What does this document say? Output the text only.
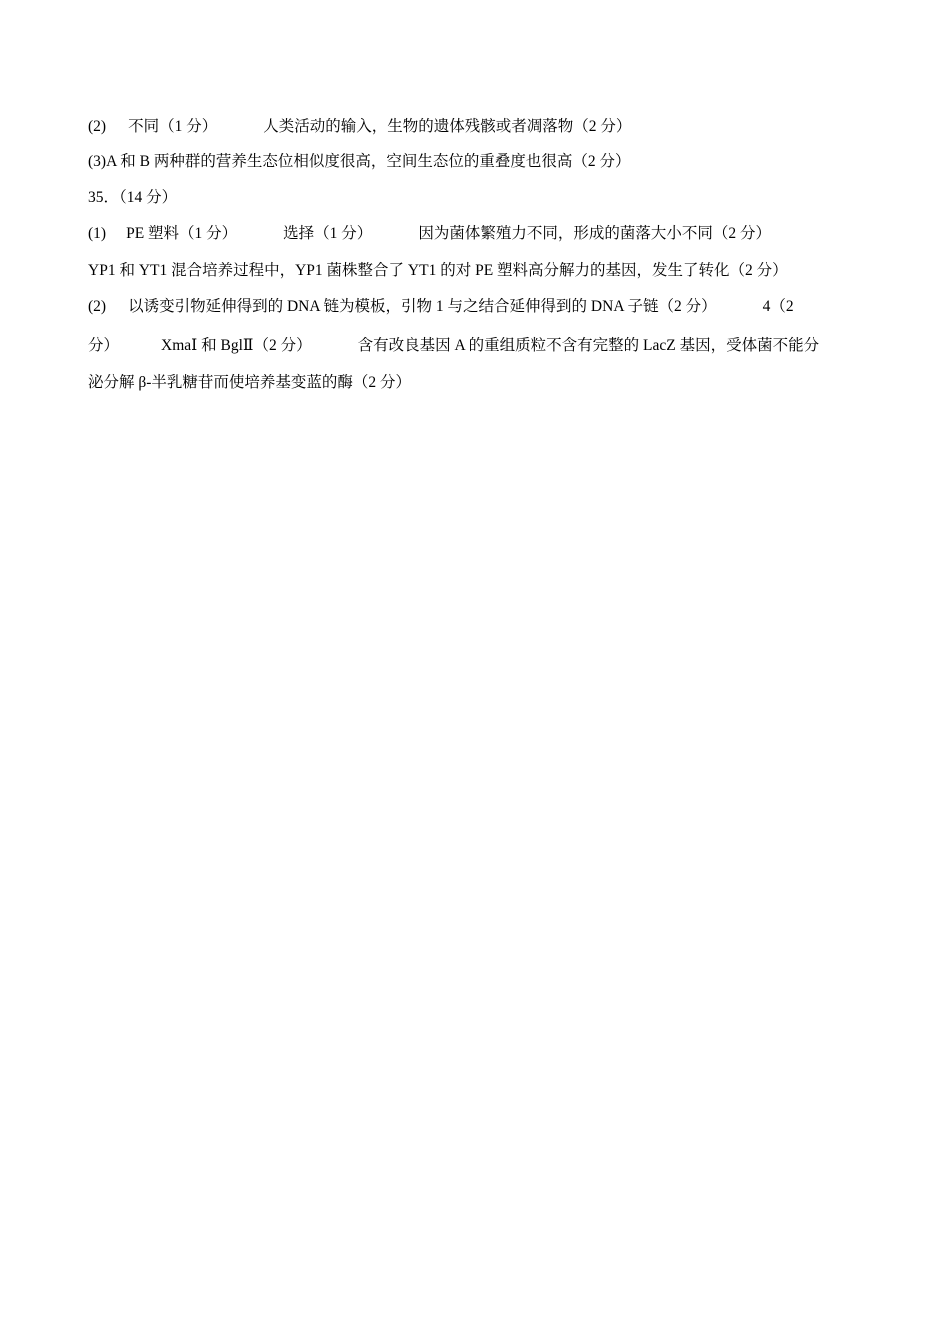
(2) 不同（1 分）	人类活动的输入，生物的遗体残骸或者凋落物（2 分）
(3)A 和 B 两种群的营养生态位相似度很高，空间生态位的重叠度也很高（2 分）
35．（14 分）
(1) PE 塑料（1 分）	选择（1 分）	因为菌体繁殖力不同，形成的菌落大小不同（2 分）
YP1 和 YT1 混合培养过程中，YP1 菌株整合了 YT1 的对 PE 塑料高分解力的基因，发生了转化（2 分）
(2) 以诱变引物延伸得到的 DNA 链为模板，引物 1 与之结合延伸得到的 DNA 子链（2 分）	4（2
分）	XmaⅠ 和 BglⅡ（2 分）	含有改良基因 A 的重组质粒不含有完整的 LacZ 基因，受体菌不能分
泌分解 β-半乳糖苷而使培养基变蓝的酶（2 分）
